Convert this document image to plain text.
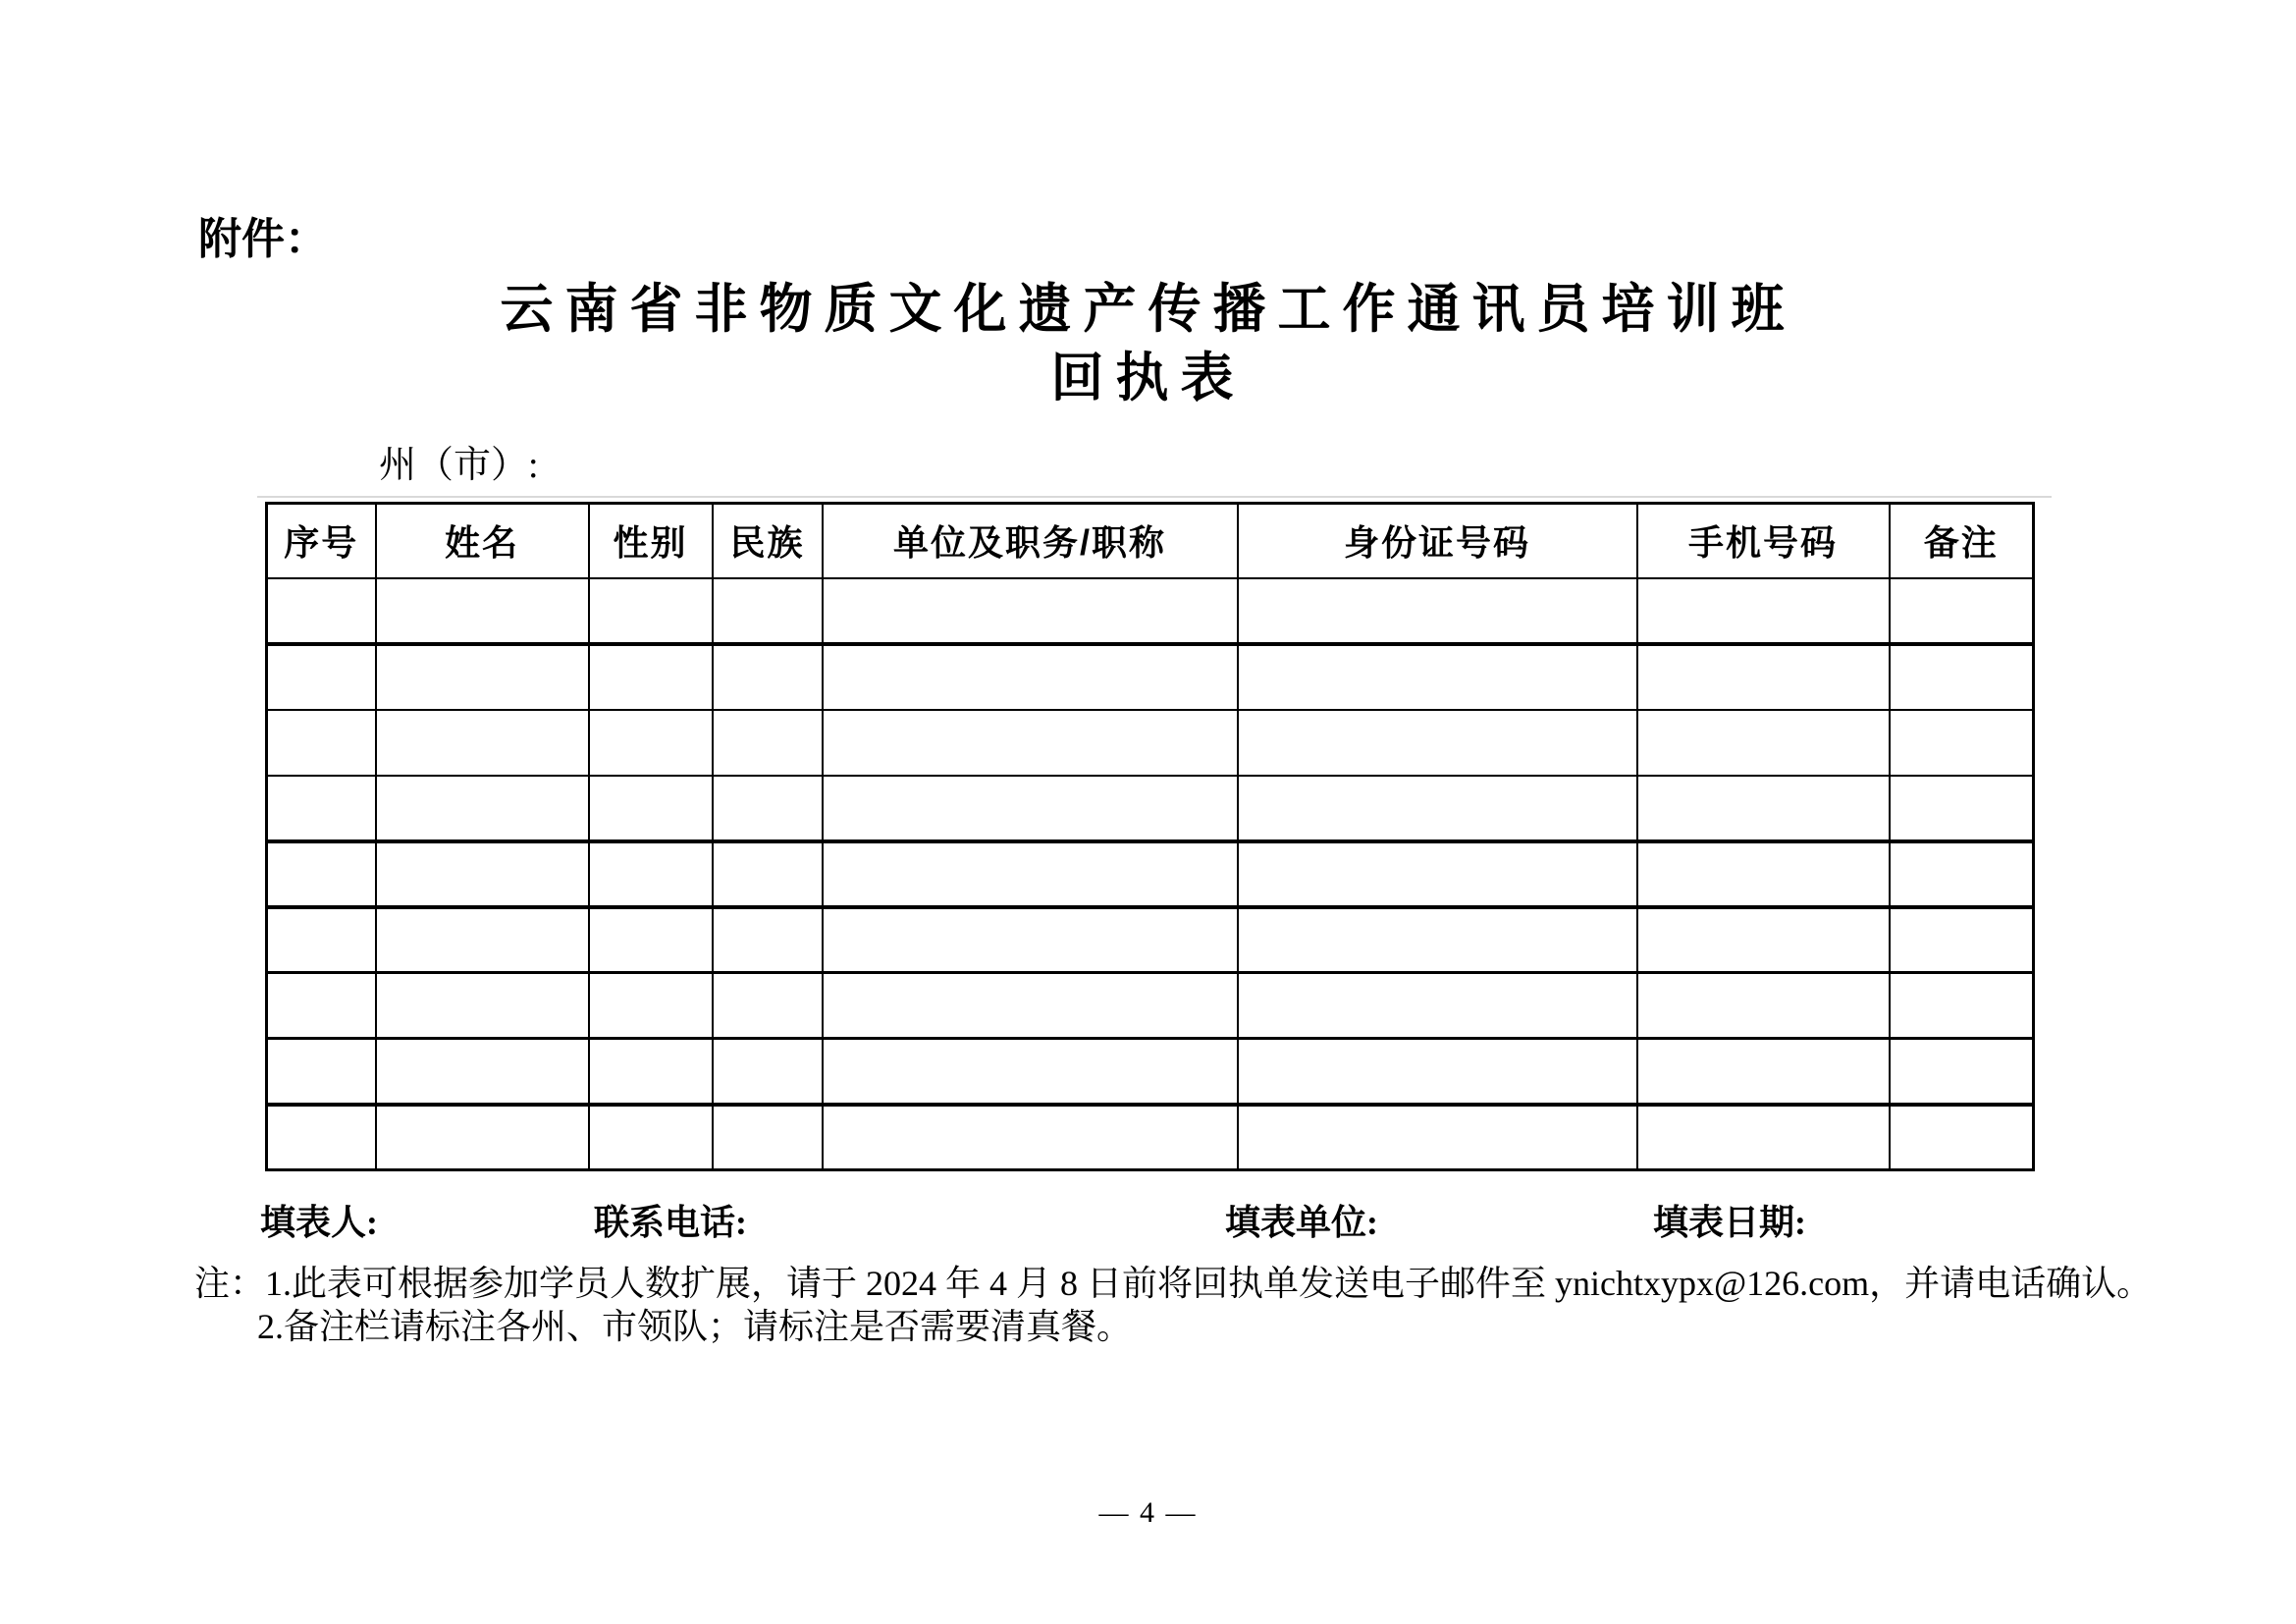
附件：
云南省非物质文化遗产传播工作通讯员培训班
回执表
州（市）:
序号	姓名	性别	民族	单位及职务/职称	身份证号码	手机号码	备注

填表人:	联系电话:	填表单位:	填表日期:
注：1.此表可根据参加学员人数扩展，请于 2024 年 4 月 8 日前将回执单发送电子邮件至 ynichtxypx@126.com，并请电话确认。
2.备注栏请标注各州、市领队；请标注是否需要清真餐。
— 4 —
